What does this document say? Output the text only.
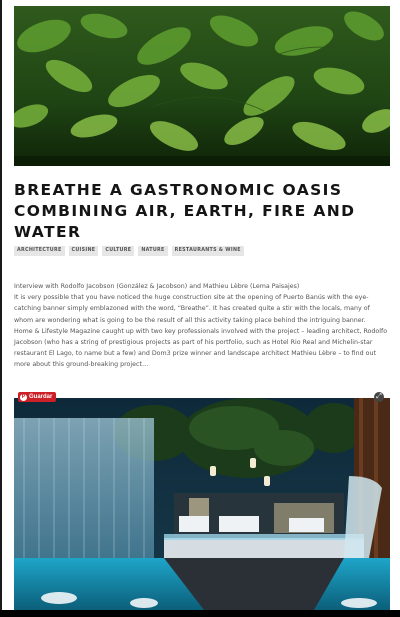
BREATHE A GASTRONOMIC OASIS COMBINING AIR, EARTH, FIRE AND WATER
ARCHITECTURE	CUISINE	CULTURE	NATURE	RESTAURANTS & WINE

Interview with Rodolfo Jacobson (González & Jacobson) and Mathieu Lèbre (Lema Paisajes)

It is very possible that you have noticed the huge construction site at the opening of Puerto Banús with the eye-catching banner simply emblazoned with the word, “Breathe”. It has created quite a stir with the locals, many of whom are wondering what is going to be the result of all this activity taking place behind the intriguing banner.

Home & Lifestyle Magazine caught up with two key professionals involved with the project – leading architect, Rodolfo Jacobson (who has a string of prestigious projects as part of his portfolio, such as Hotel Rio Real and Michelin-star restaurant El Lago, to name but a few) and Dom3 prize winner and landscape architect Mathieu Lèbre – to find out more about this ground-breaking project…

P Guardar	⤢
